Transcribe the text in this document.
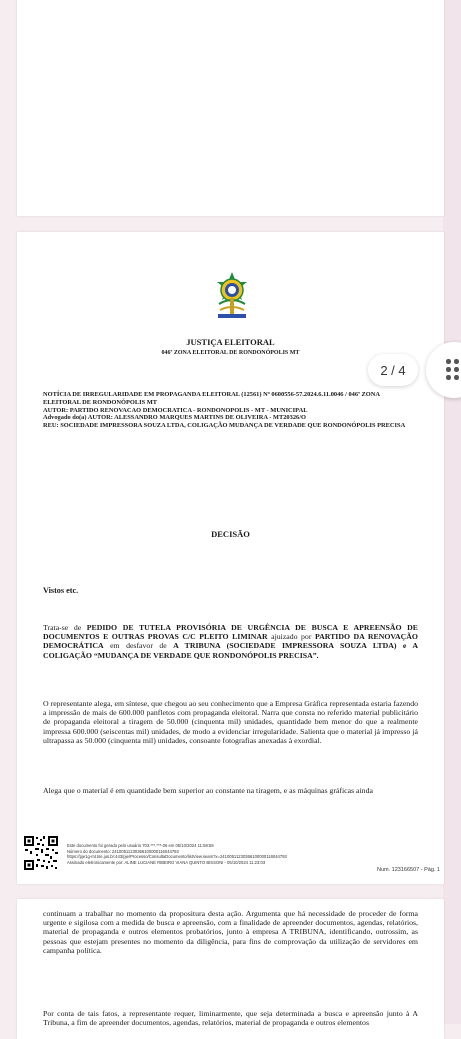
JUSTIÇA ELEITORAL
046ª ZONA ELEITORAL DE RONDONÓPOLIS MT
NOTÍCIA DE IRREGULARIDADE EM PROPAGANDA ELEITORAL (12561) Nº 0600556-57.2024.6.11.0046 / 046ª ZONA ELEITORAL DE RONDONÓPOLIS MT
AUTOR: PARTIDO RENOVACAO DEMOCRATICA - RONDONOPOLIS - MT - MUNICIPAL
Advogado do(a) AUTOR: ALESSANDRO MARQUES MARTINS DE OLIVEIRA - MT20326/O
REU: SOCIEDADE IMPRESSORA SOUZA LTDA, COLIGAÇÃO MUDANÇA DE VERDADE QUE RONDONÓPOLIS PRECISA
DECISÃO
Vistos etc.
Trata-se de PEDIDO DE TUTELA PROVISÓRIA DE URGÊNCIA DE BUSCA E APREENSÃO DE DOCUMENTOS E OUTRAS PROVAS C/C PLEITO LIMINAR ajuizado por PARTIDO DA RENOVAÇÃO DEMOCRÁTICA em desfavor de A TRIBUNA (SOCIEDADE IMPRESSORA SOUZA LTDA) e A COLIGAÇÃO “MUDANÇA DE VERDADE QUE RONDONÓPOLIS PRECISA”.
O representante alega, em síntese, que chegou ao seu conhecimento que a Empresa Gráfica representada estaria fazendo a impressão de mais de 600.000 panfletos com propaganda eleitoral. Narra que consta no referido material publicitário de propaganda eleitoral a tiragem de 50.000 (cinquenta mil) unidades, quantidade bem menor do que a realmente impressa 600.000 (seiscentas mil) unidades, de modo a evidenciar irregularidade. Salienta que o material já impresso já ultrapassa as 50.000 (cinquenta mil) unidades, consoante fotografias anexadas à exordial.
Alega que o material é em quantidade bem superior ao constante na tiragem, e as máquinas gráficas ainda
Este documento foi gerado pelo usuário 703.***.***-06 em 05/10/2024 11:58:59
Número do documento: 24100511230366100000116044793
https://pje1g-mt.tse.jus.br:443/pje/Processo/ConsultaDocumento/listView.seam?x=24100511230366100000116044793
Assinado eletronicamente por: ALINE LUCIANE RIBEIRO VIANA QUINTO BISSONI - 05/10/2024 11:23:03
Num. 123166507 - Pág. 1
continuam a trabalhar no momento da propositura desta ação. Argumenta que há necessidade de proceder de forma urgente e sigilosa com a medida de busca e apreensão, com a finalidade de apreender documentos, agendas, relatórios, material de propaganda e outros elementos probatórios, junto à empresa A TRIBUNA, identificando, outrossim, as pessoas que estejam presentes no momento da diligência, para fins de comprovação da utilização de servidores em campanha política.
Por conta de tais fatos, a representante requer, liminarmente, que seja determinada a busca e apreensão junto à A Tribuna, a fim de apreender documentos, agendas, relatórios, material de propaganda e outros elementos
2 / 4
